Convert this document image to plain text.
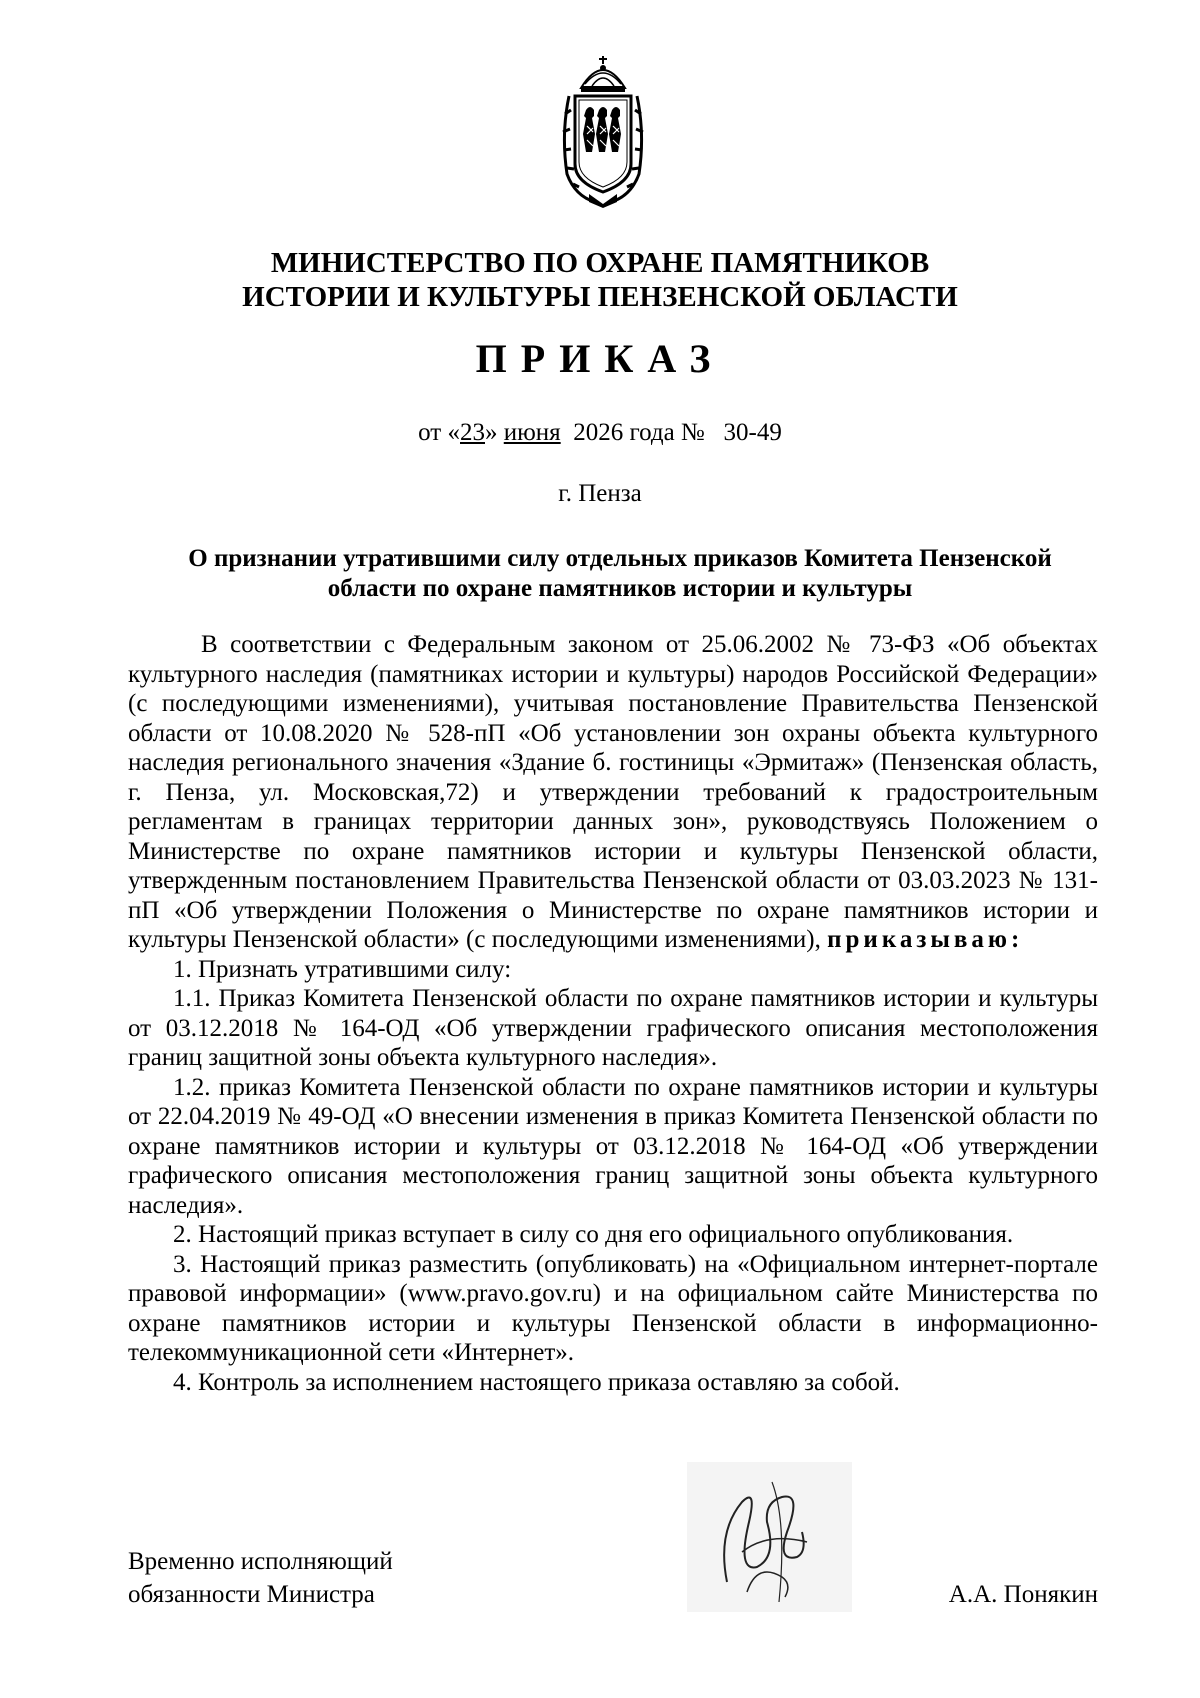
МИНИСТЕРСТВО ПО ОХРАНЕ ПАМЯТНИКОВ
ИСТОРИИ И КУЛЬТУРЫ ПЕНЗЕНСКОЙ ОБЛАСТИ
ПРИКАЗ
от «23» июня  2026 года №   30-49
г. Пенза
О признании утратившими силу отдельных приказов Комитета Пензенской
области по охране памятников истории и культуры

В соответствии с Федеральным законом от 25.06.2002 № 73-ФЗ «Об объектах культурного наследия (памятниках истории и культуры) народов Российской Федерации» (с последующими изменениями), учитывая постановление Правительства Пензенской области от 10.08.2020 № 528-пП «Об установлении зон охраны объекта культурного наследия регионального значения «Здание б. гостиницы «Эрмитаж» (Пензенская область, г. Пенза, ул. Московская,72) и утверждении требований к градостроительным регламентам в границах территории данных зон», руководствуясь Положением о Министерстве по охране памятников истории и культуры Пензенской области, утвержденным постановлением Правительства Пензенской области от 03.03.2023 № 131-пП «Об утверждении Положения о Министерстве по охране памятников истории и культуры Пензенской области» (с последующими изменениями), приказываю:

1. Признать утратившими силу:

1.1. Приказ Комитета Пензенской области по охране памятников истории и культуры от 03.12.2018 № 164-ОД «Об утверждении графического описания местоположения границ защитной зоны объекта культурного наследия».

1.2. приказ Комитета Пензенской области по охране памятников истории и культуры от 22.04.2019 № 49-ОД «О внесении изменения в приказ Комитета Пензенской области по охране памятников истории и культуры от 03.12.2018 № 164-ОД «Об утверждении графического описания местоположения границ защитной зоны объекта культурного наследия».

2. Настоящий приказ вступает в силу со дня его официального опубликования.

3. Настоящий приказ разместить (опубликовать) на «Официальном интернет-портале правовой информации» (www.pravo.gov.ru) и на официальном сайте Министерства по охране памятников истории и культуры Пензенской области в информационно-телекоммуникационной сети «Интернет».

4. Контроль за исполнением настоящего приказа оставляю за собой.

Временно исполняющий
обязанности Министра	А.А. Понякин
